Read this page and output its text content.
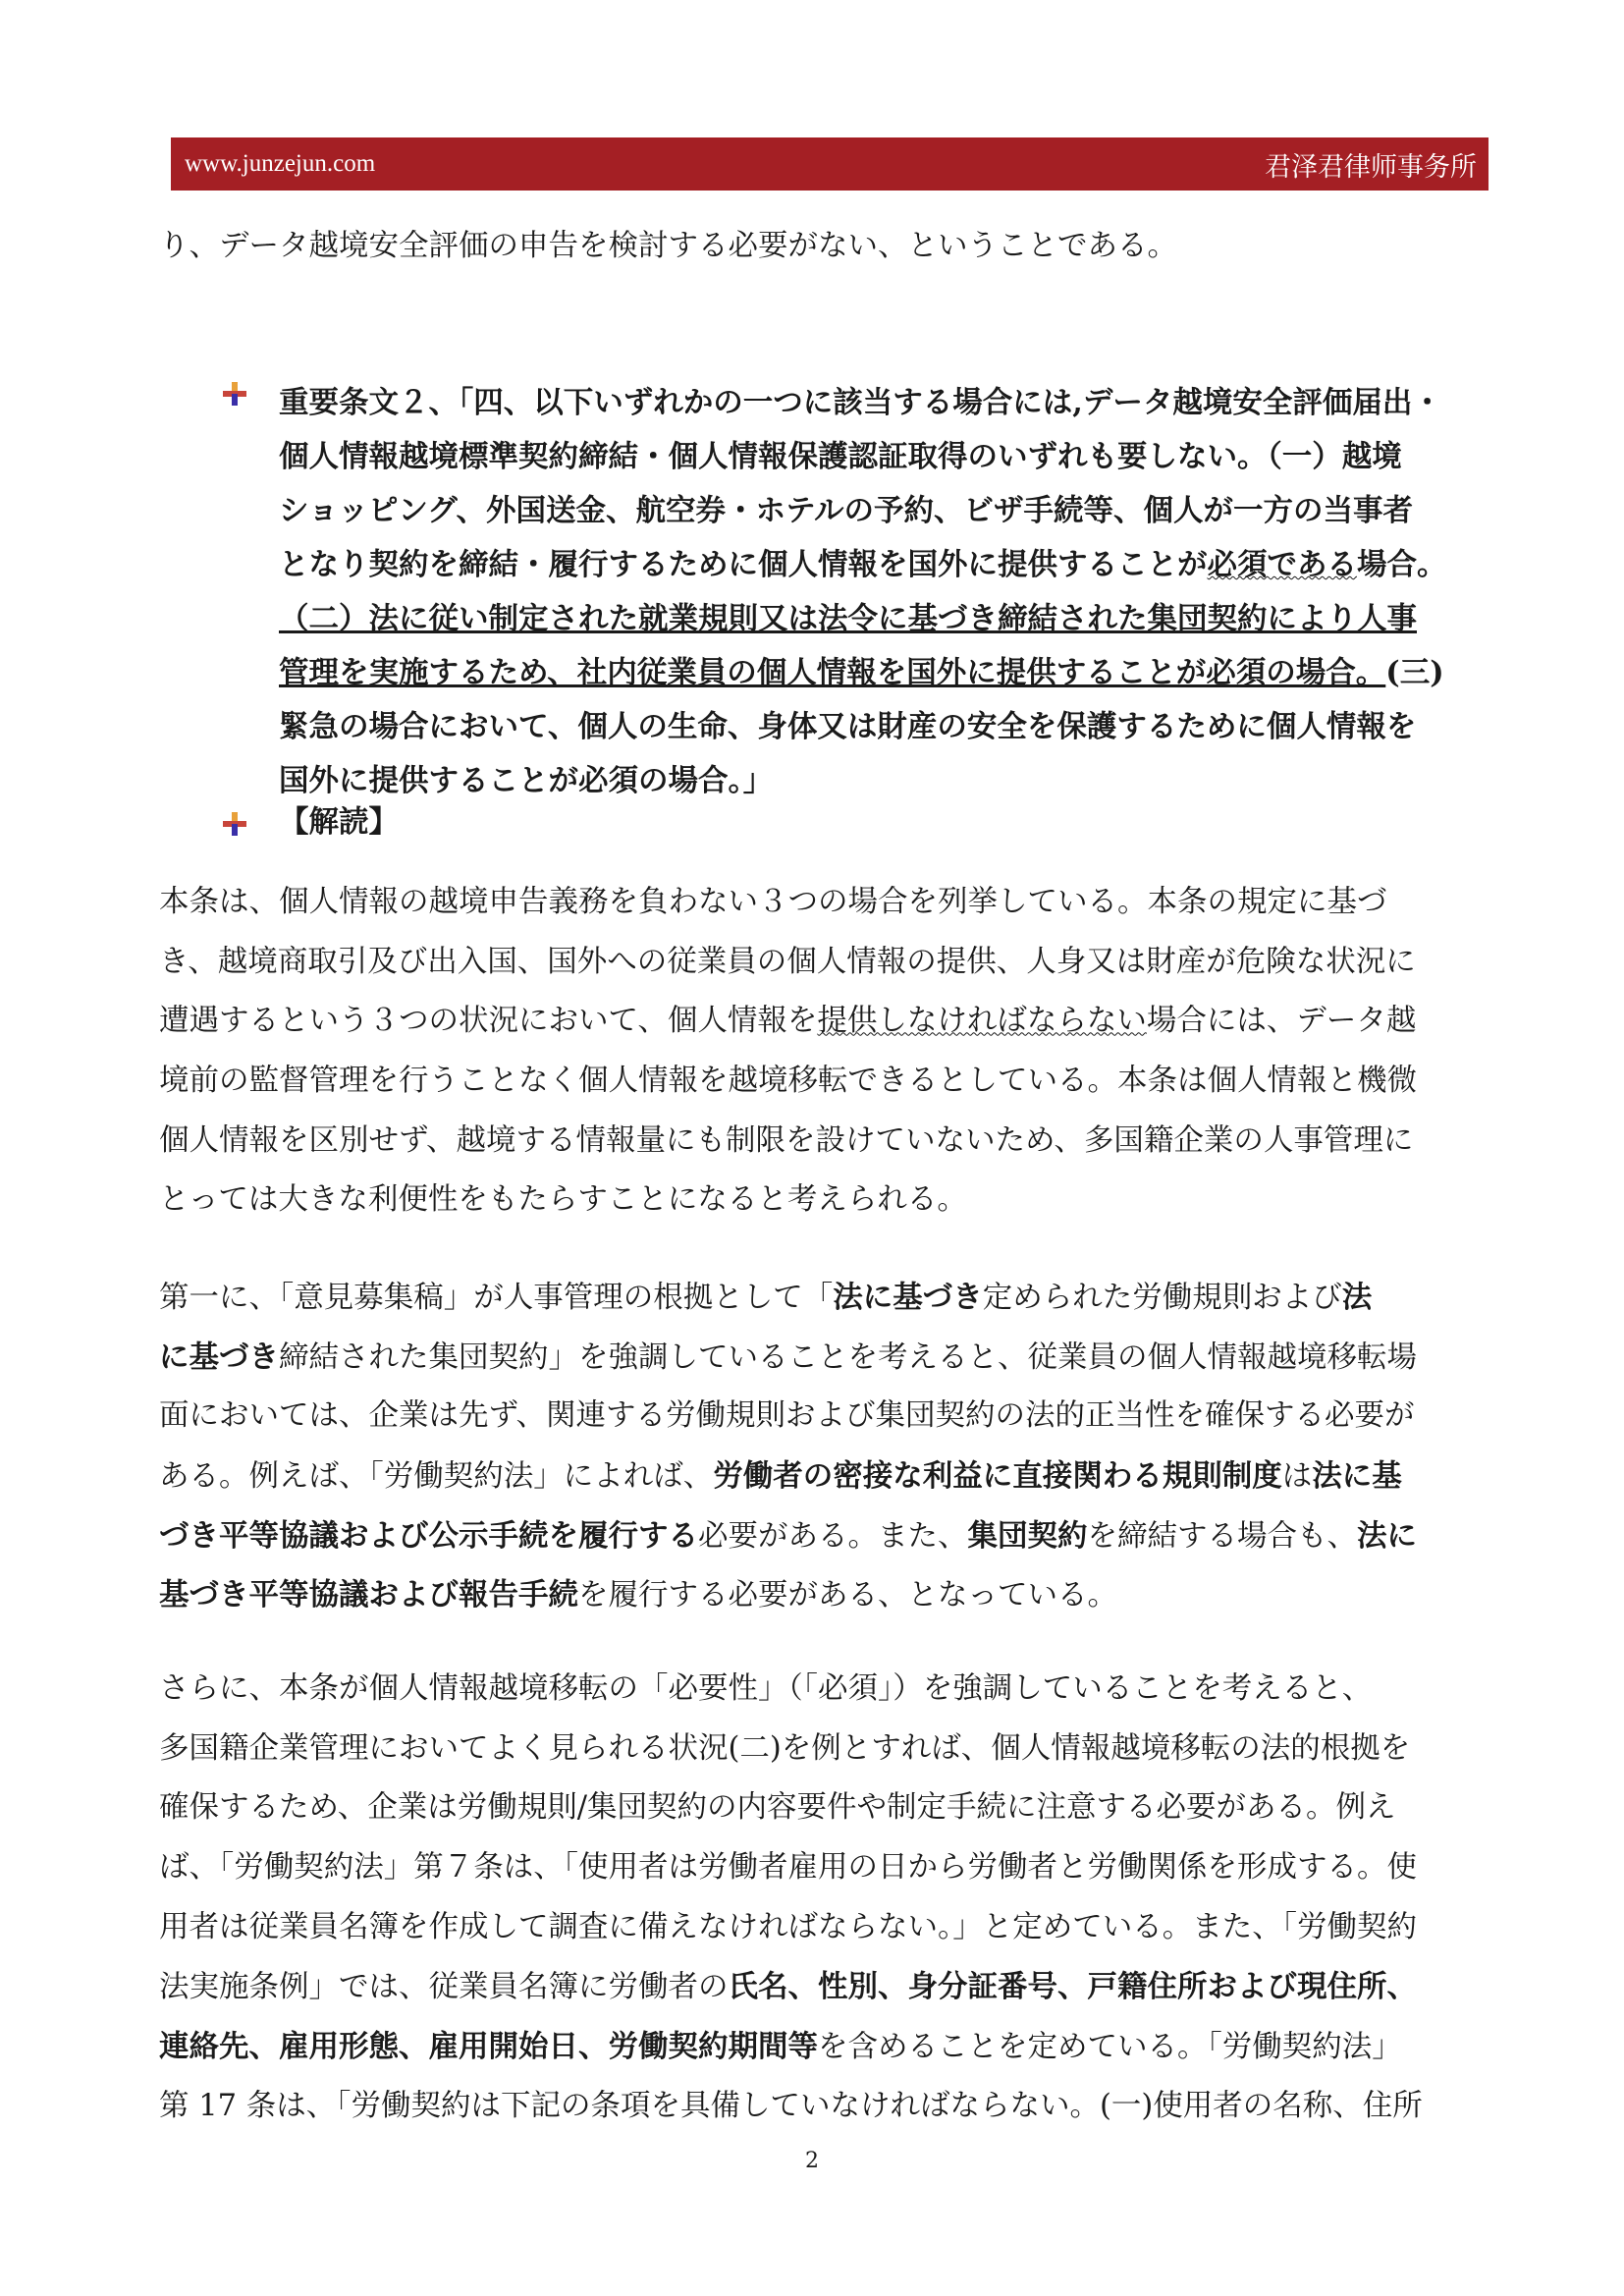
www.junzejun.com	君泽君律师事务所
り、データ越境安全評価の申告を検討する必要がない、ということである。
重要条文２、「四、以下いずれかの一つに該当する場合には,データ越境安全評価届出・
個人情報越境標準契約締結・個人情報保護認証取得のいずれも要しない。（一）越境
ショッピング、外国送金、航空券・ホテルの予約、ビザ手続等、個人が一方の当事者
となり契約を締結・履行するために個人情報を国外に提供することが必須である場合。
（二）法に従い制定された就業規則又は法令に基づき締結された集団契約により人事
管理を実施するため、社内従業員の個人情報を国外に提供することが必須の場合。(三)
緊急の場合において、個人の生命、身体又は財産の安全を保護するために個人情報を
国外に提供することが必須の場合。」
【解読】
本条は、個人情報の越境申告義務を負わない３つの場合を列挙している。本条の規定に基づ
き、越境商取引及び出入国、国外への従業員の個人情報の提供、人身又は財産が危険な状況に
遭遇するという３つの状況において、個人情報を提供しなければならない場合には、データ越
境前の監督管理を行うことなく個人情報を越境移転できるとしている。本条は個人情報と機微
個人情報を区別せず、越境する情報量にも制限を設けていないため、多国籍企業の人事管理に
とっては大きな利便性をもたらすことになると考えられる。
第一に、「意見募集稿」が人事管理の根拠として「法に基づき定められた労働規則および法
に基づき締結された集団契約」を強調していることを考えると、従業員の個人情報越境移転場
面においては、企業は先ず、関連する労働規則および集団契約の法的正当性を確保する必要が
ある。例えば、「労働契約法」によれば、労働者の密接な利益に直接関わる規則制度は法に基
づき平等協議および公示手続を履行する必要がある。また、集団契約を締結する場合も、法に
基づき平等協議および報告手続を履行する必要がある、となっている。
さらに、本条が個人情報越境移転の「必要性」（「必須」）を強調していることを考えると、
多国籍企業管理においてよく見られる状況(二)を例とすれば、個人情報越境移転の法的根拠を
確保するため、企業は労働規則/集団契約の内容要件や制定手続に注意する必要がある。例え
ば、「労働契約法」第７条は、「使用者は労働者雇用の日から労働者と労働関係を形成する。使
用者は従業員名簿を作成して調査に備えなければならない。」と定めている。また、「労働契約
法実施条例」では、従業員名簿に労働者の氏名、性別、身分証番号、戸籍住所および現住所、
連絡先、雇用形態、雇用開始日、労働契約期間等を含めることを定めている。「労働契約法」
第 17 条は、「労働契約は下記の条項を具備していなければならない。(一)使用者の名称、住所
2
